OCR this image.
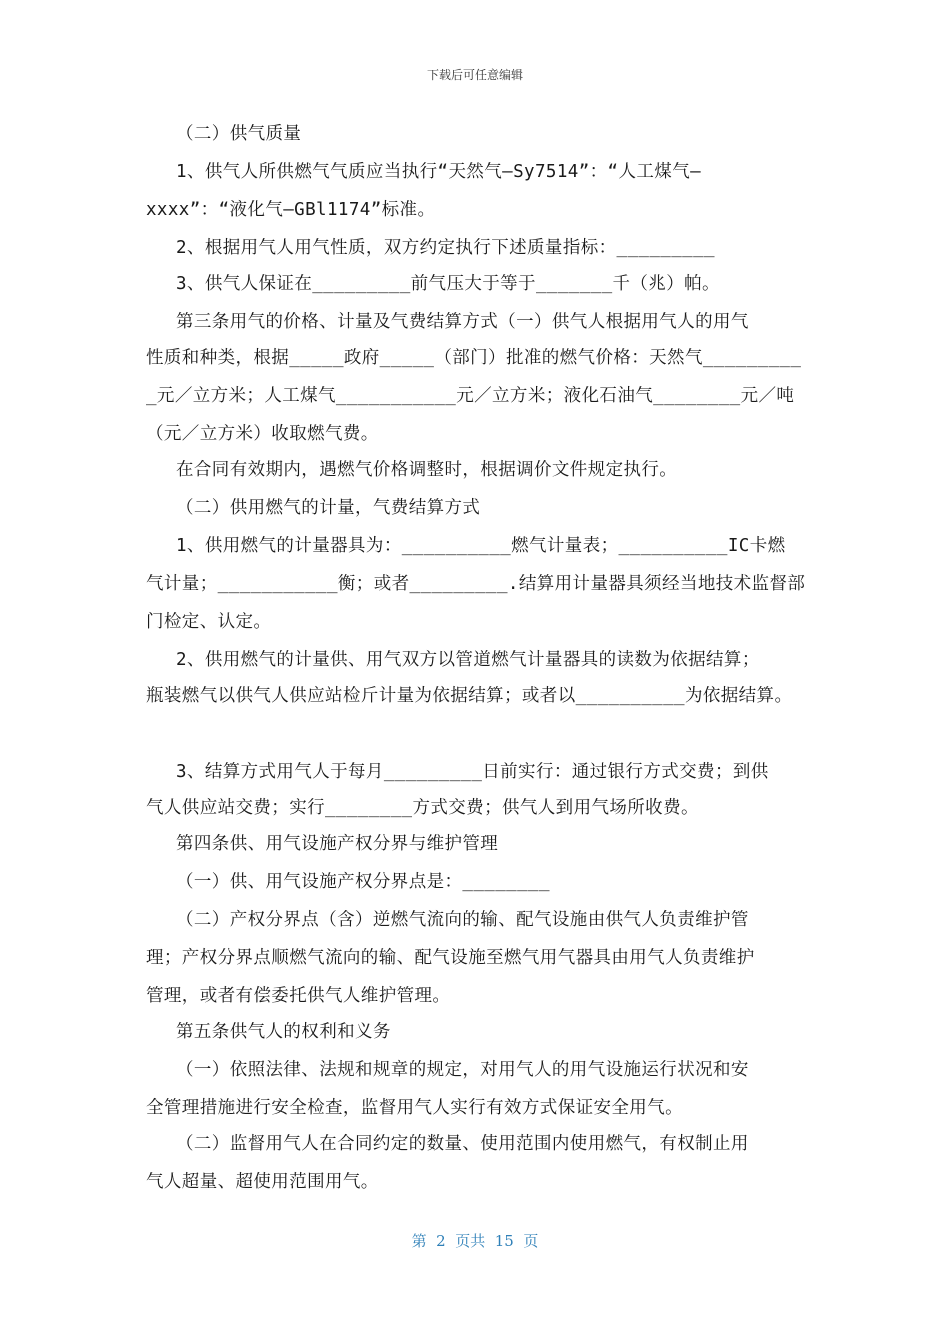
下载后可任意编辑
（二）供气质量
1、供气人所供燃气气质应当执行“天然气—Sy7514”：“人工煤气—
xxxx”：“液化气—GBl1174”标准。
2、根据用气人用气性质，双方约定执行下述质量指标：_________
3、供气人保证在_________前气压大于等于_______千（兆）帕。
第三条用气的价格、计量及气费结算方式（一）供气人根据用气人的用气
性质和种类，根据_____政府_____（部门）批准的燃气价格：天然气_________
_元／立方米；人工煤气___________元／立方米；液化石油气________元／吨
（元／立方米）收取燃气费。
在合同有效期内，遇燃气价格调整时，根据调价文件规定执行。
（二）供用燃气的计量，气费结算方式
1、供用燃气的计量器具为：__________燃气计量表；__________IC卡燃
气计量；___________衡；或者_________.结算用计量器具须经当地技术监督部
门检定、认定。
2、供用燃气的计量供、用气双方以管道燃气计量器具的读数为依据结算；
瓶装燃气以供气人供应站检斤计量为依据结算；或者以__________为依据结算。
3、结算方式用气人于每月_________日前实行：通过银行方式交费；到供
气人供应站交费；实行________方式交费；供气人到用气场所收费。
第四条供、用气设施产权分界与维护管理
（一）供、用气设施产权分界点是：________
（二）产权分界点（含）逆燃气流向的输、配气设施由供气人负责维护管
理；产权分界点顺燃气流向的输、配气设施至燃气用气器具由用气人负责维护
管理，或者有偿委托供气人维护管理。
第五条供气人的权利和义务
（一）依照法律、法规和规章的规定，对用气人的用气设施运行状况和安
全管理措施进行安全检查，监督用气人实行有效方式保证安全用气。
（二）监督用气人在合同约定的数量、使用范围内使用燃气，有权制止用
气人超量、超使用范围用气。
第  2  页共  15  页
